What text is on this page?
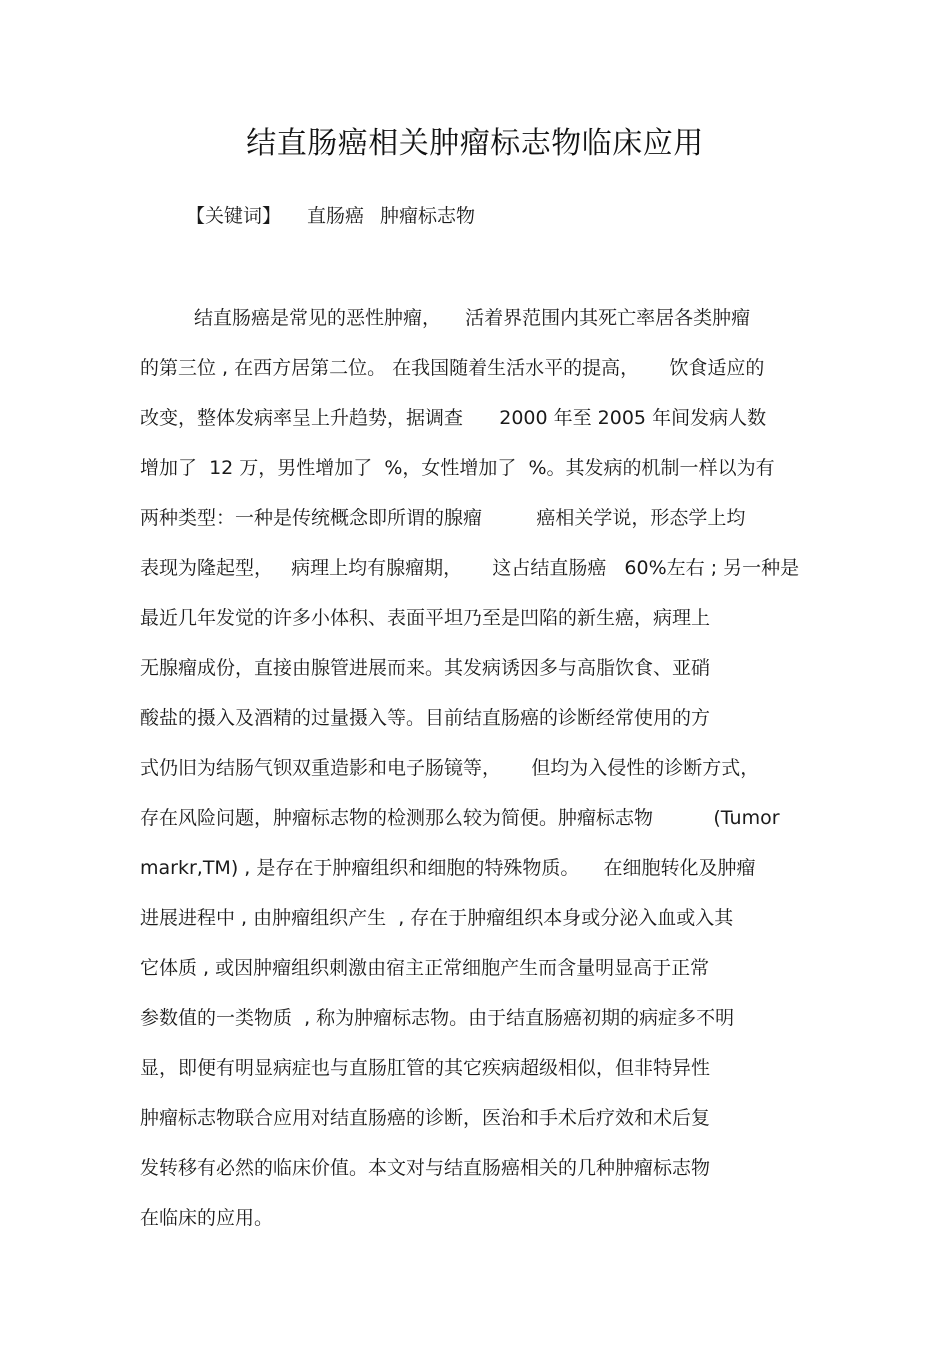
结直肠癌相关肿瘤标志物临床应用
【关键词】 直肠癌 肿瘤标志物
结直肠癌是常见的恶性肿瘤，    活着界范围内其死亡率居各类肿瘤
的第三位 , 在西方居第二位。 在我国随着生活水平的提高，     饮食适应的
改变，整体发病率呈上升趋势，据调查      2000 年至 2005 年间发病人数
增加了  12 万，男性增加了  %，女性增加了  %。其发病的机制一样以为有
两种类型：一种是传统概念即所谓的腺瘤         癌相关学说，形态学上均
表现为隆起型，   病理上均有腺瘤期，     这占结直肠癌   60%左右 ; 另一种是
最近几年发觉的许多小体积、表面平坦乃至是凹陷的新生癌，病理上
无腺瘤成份，直接由腺管进展而来。其发病诱因多与高脂饮食、亚硝
酸盐的摄入及酒精的过量摄入等。目前结直肠癌的诊断经常使用的方
式仍旧为结肠气钡双重造影和电子肠镜等，     但均为入侵性的诊断方式，
存在风险问题，肿瘤标志物的检测那么较为简便。肿瘤标志物          (Tumor
markr,TM) , 是存在于肿瘤组织和细胞的特殊物质。    在细胞转化及肿瘤
进展进程中 , 由肿瘤组织产生  , 存在于肿瘤组织本身或分泌入血或入其
它体质 , 或因肿瘤组织刺激由宿主正常细胞产生而含量明显高于正常
参数值的一类物质  , 称为肿瘤标志物。由于结直肠癌初期的病症多不明
显，即便有明显病症也与直肠肛管的其它疾病超级相似，但非特异性
肿瘤标志物联合应用对结直肠癌的诊断，医治和手术后疗效和术后复
发转移有必然的临床价值。本文对与结直肠癌相关的几种肿瘤标志物
在临床的应用。
